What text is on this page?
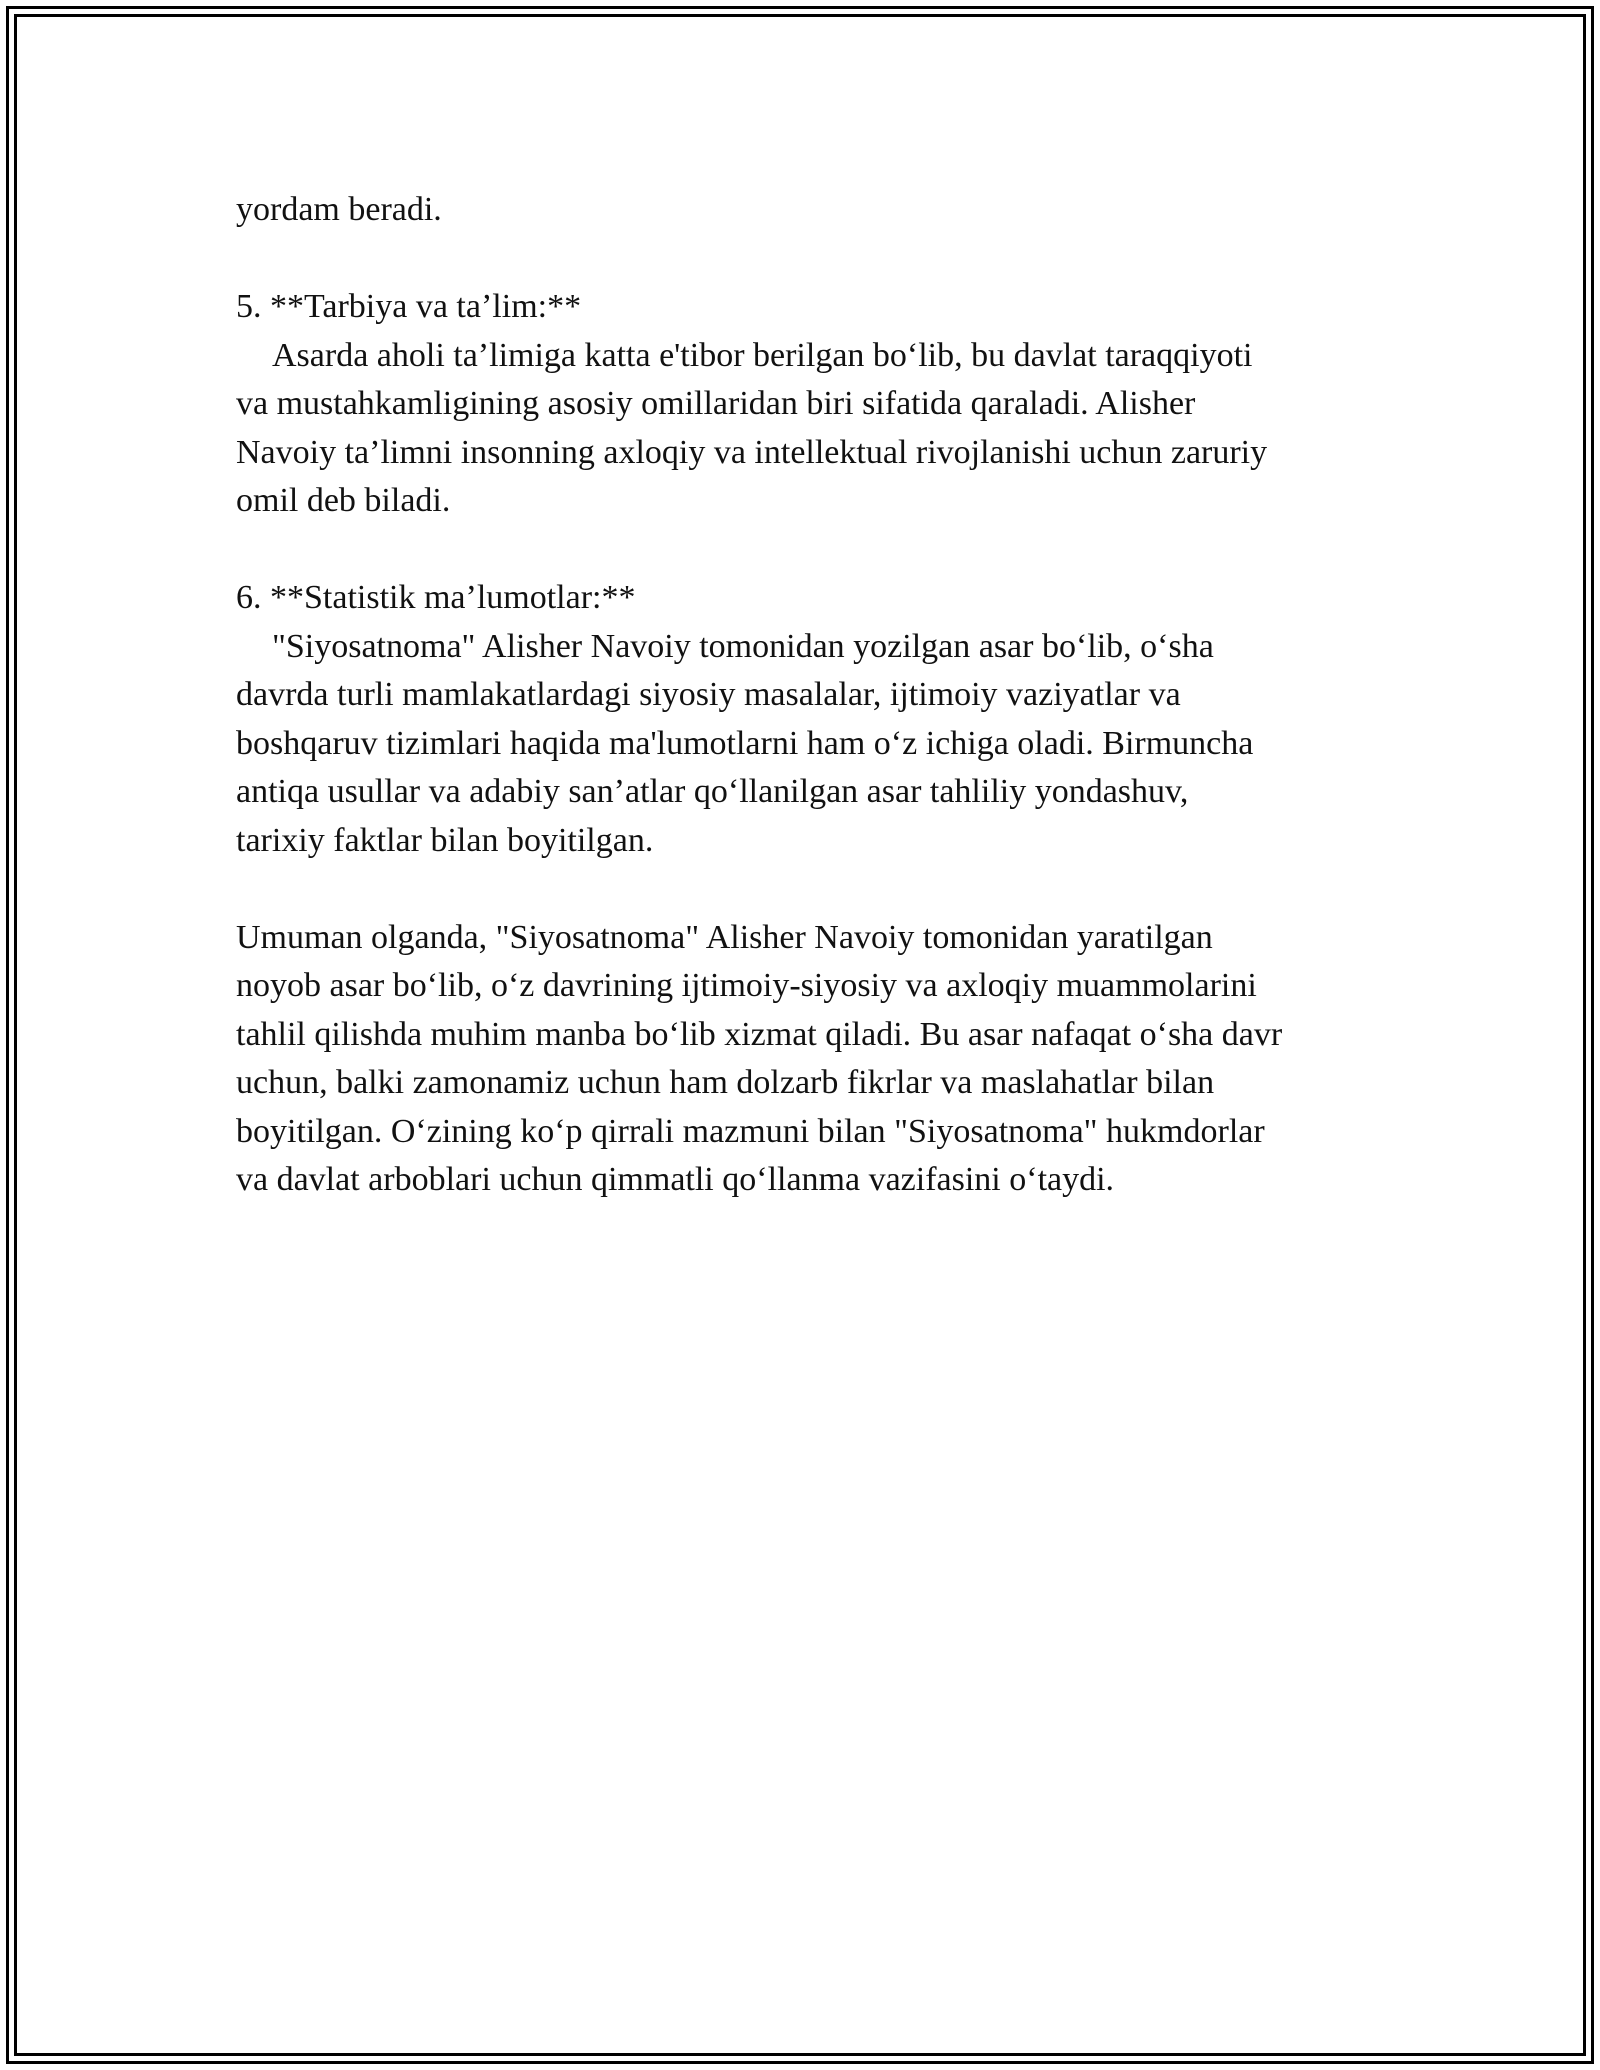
yordam beradi.
5. **Tarbiya va ta’lim:**
Asarda aholi ta’limiga katta e'tibor berilgan bo‘lib, bu davlat taraqqiyoti
va mustahkamligining asosiy omillaridan biri sifatida qaraladi. Alisher
Navoiy ta’limni insonning axloqiy va intellektual rivojlanishi uchun zaruriy
omil deb biladi.
6. **Statistik ma’lumotlar:**
"Siyosatnoma" Alisher Navoiy tomonidan yozilgan asar bo‘lib, o‘sha
davrda turli mamlakatlardagi siyosiy masalalar, ijtimoiy vaziyatlar va
boshqaruv tizimlari haqida ma'lumotlarni ham o‘z ichiga oladi. Birmuncha
antiqa usullar va adabiy san’atlar qo‘llanilgan asar tahliliy yondashuv,
tarixiy faktlar bilan boyitilgan.
Umuman olganda, "Siyosatnoma" Alisher Navoiy tomonidan yaratilgan
noyob asar bo‘lib, o‘z davrining ijtimoiy-siyosiy va axloqiy muammolarini
tahlil qilishda muhim manba bo‘lib xizmat qiladi. Bu asar nafaqat o‘sha davr
uchun, balki zamonamiz uchun ham dolzarb fikrlar va maslahatlar bilan
boyitilgan. O‘zining ko‘p qirrali mazmuni bilan "Siyosatnoma" hukmdorlar
va davlat arboblari uchun qimmatli qo‘llanma vazifasini o‘taydi.
